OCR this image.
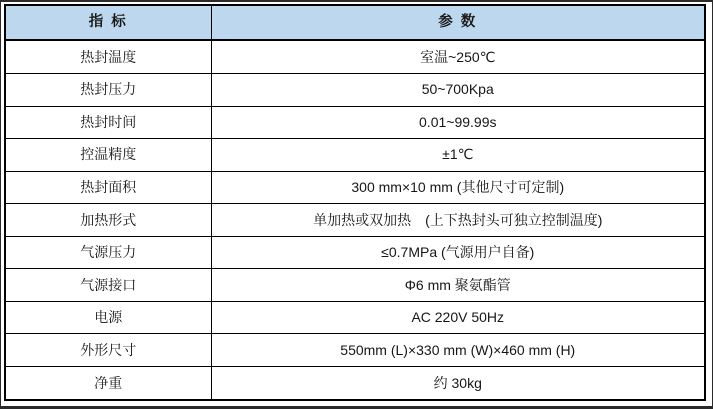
指 标	参 数
热封温度	室温~250℃
热封压力	50~700Kpa
热封时间	0.01~99.99s
控温精度	±1℃
热封面积	300 mm×10 mm (其他尺寸可定制)
加热形式	单加热或双加热　(上下热封头可独立控制温度)
气源压力	≤0.7MPa (气源用户自备)
气源接口	Φ6 mm 聚氨酯管
电源	AC 220V 50Hz
外形尺寸	550mm (L)×330 mm (W)×460 mm (H)
净重	约 30kg
